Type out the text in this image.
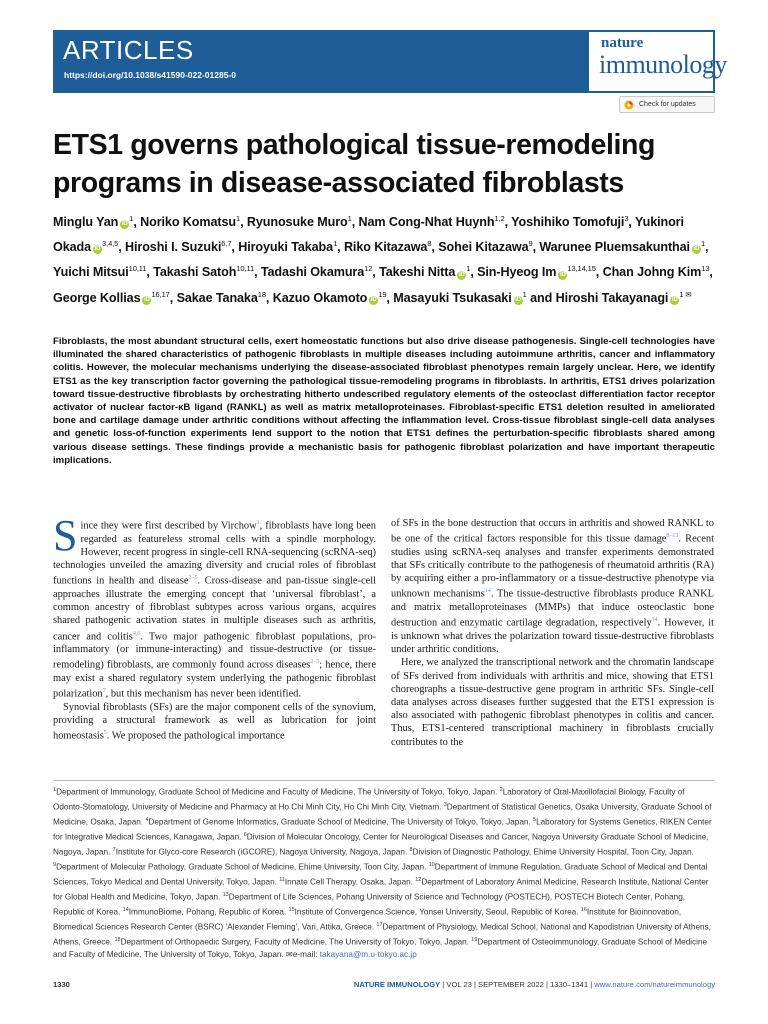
ARTICLES
https://doi.org/10.1038/s41590-022-01285-0
nature
immunology
Check for updates
ETS1 governs pathological tissue-remodeling programs in disease-associated fibroblasts

Minglu Yan $iD^1$, Noriko Komatsu$^1$, Ryunosuke Muro$^1$, Nam Cong-Nhat Huynh$^{1,2}$, Yoshihiko Tomofuji$^3$, Yukinori Okada iD$^{3,4,5}$, Hiroshi I. Suzuki$^{6,7}$, Hiroyuki Takaba$^1$, Riko Kitazawa$^8$, Sohei Kitazawa$^9$, Warunee Pluemsakunthai $iD^1$, Yuichi Mitsui$^{10,11}$, Takashi Satoh$^{10,11}$, Tadashi Okamura$^{12}$, Takeshi Nitta $iD^1$, Sin-Hyeog Im iD$^{13,14,15}$, Chan Johng Kim$^{13}$, George Kollias iD$^{16,17}$, Sakae Tanaka$^{18}$, Kazuo Okamoto $iD^{19}$, Masayuki Tsukasaki $iD^1$ and Hiroshi Takayanagi $iD^{1 ✉}$

Fibroblasts, the most abundant structural cells, exert homeostatic functions but also drive disease pathogenesis. Single-cell technologies have illuminated the shared characteristics of pathogenic fibroblasts in multiple diseases including autoimmune arthritis, cancer and inflammatory colitis. However, the molecular mechanisms underlying the disease-associated fibroblast phenotypes remain largely unclear. Here, we identify ETS1 as the key transcription factor governing the pathological tissue-remodeling programs in fibroblasts. In arthritis, ETS1 drives polarization toward tissue-destructive fibroblasts by orchestrating hitherto undescribed regulatory elements of the osteoclast differentiation factor receptor activator of nuclear factor-κB ligand (RANKL) as well as matrix metalloproteinases. Fibroblast-specific ETS1 deletion resulted in ameliorated bone and cartilage damage under arthritic conditions without affecting the inflammation level. Cross-tissue fibroblast single-cell data analyses and genetic loss-of-function experiments lend support to the notion that ETS1 defines the perturbation-specific fibroblasts shared among various disease settings. These findings provide a mechanistic basis for pathogenic fibroblast polarization and have important therapeutic implications.

Since they were first described by Virchow$^1$, fibroblasts have long been regarded as featureless stromal cells with a spindle morphology. However, recent progress in single-cell RNA-sequencing (scRNA-seq) technologies unveiled the amazing diversity and crucial roles of fibroblast functions in health and disease$^{2-5}$. Cross-disease and pan-tissue single-cell approaches illustrate the emerging concept that ‘universal fibroblast’, a common ancestry of fibroblast subtypes across various organs, acquires shared pathogenic activation states in multiple diseases such as arthritis, cancer and colitis$^{4,6}$. Two major pathogenic fibroblast populations, pro-inflammatory (or immune-interacting) and tissue-destructive (or tissue-remodeling) fibroblasts, are commonly found across diseases$^{2-5}$; hence, there may exist a shared regulatory system underlying the pathogenic fibroblast polarization$^7$, but this mechanism has never been identified.

Synovial fibroblasts (SFs) are the major component cells of the synovium, providing a structural framework as well as lubrication for joint homeostasis$^5$. We proposed the pathological importance

of SFs in the bone destruction that occurs in arthritis and showed RANKL to be one of the critical factors responsible for this tissue damage$^{8-13}$. Recent studies using scRNA-seq analyses and transfer experiments demonstrated that SFs critically contribute to the pathogenesis of rheumatoid arthritis (RA) by acquiring either a pro-inflammatory or a tissue-destructive phenotype via unknown mechanisms$^{14}$. The tissue-destructive fibroblasts produce RANKL and matrix metalloproteinases (MMPs) that induce osteoclastic bone destruction and enzymatic cartilage degradation, respectively$^{14}$. However, it is unknown what drives the polarization toward tissue-destructive fibroblasts under arthritic conditions.

Here, we analyzed the transcriptional network and the chromatin landscape of SFs derived from individuals with arthritis and mice, showing that ETS1 choreographs a tissue-destructive gene program in arthritic SFs. Single-cell data analyses across diseases further suggested that the ETS1 expression is also associated with pathogenic fibroblast phenotypes in colitis and cancer. Thus, ETS1-centered transcriptional machinery in fibroblasts crucially contributes to the

$^1$Department of Immunology, Graduate School of Medicine and Faculty of Medicine, The University of Tokyo, Tokyo, Japan. $^2$Laboratory of Oral-Maxillofacial Biology, Faculty of Odonto-Stomatology, University of Medicine and Pharmacy at Ho Chi Minh City, Ho Chi Minh City, Vietnam. $^3$Department of Statistical Genetics, Osaka University, Graduate School of Medicine, Osaka, Japan. $^4$Department of Genome Informatics, Graduate School of Medicine, The University of Tokyo, Tokyo, Japan. $^5$Laboratory for Systems Genetics, RIKEN Center for Integrative Medical Sciences, Kanagawa, Japan. $^6$Division of Molecular Oncology, Center for Neurological Diseases and Cancer, Nagoya University Graduate School of Medicine, Nagoya, Japan. $^7$Institute for Glyco-core Research (iGCORE), Nagoya University, Nagoya, Japan. $^8$Division of Diagnostic Pathology, Ehime University Hospital, Toon City, Japan. $^9$Department of Molecular Pathology, Graduate School of Medicine, Ehime University, Toon City, Japan. $^{10}$Department of Immune Regulation, Graduate School of Medical and Dental Sciences, Tokyo Medical and Dental University, Tokyo, Japan. $^{11}$Innate Cell Therapy, Osaka, Japan. $^{12}$Department of Laboratory Animal Medicine, Research Institute, National Center for Global Health and Medicine, Tokyo, Japan. $^{13}$Department of Life Sciences, Pohang University of Science and Technology (POSTECH), POSTECH Biotech Center, Pohang, Republic of Korea. $^{14}$ImmunoBiome, Pohang, Republic of Korea. $^{15}$Institute of Convergence Science, Yonsei University, Seoul, Republic of Korea. $^{16}$Institute for Bioinnovation, Biomedical Sciences Research Center (BSRC) ‘Alexander Fleming’, Vari, Attika, Greece. $^{17}$Department of Physiology, Medical School, National and Kapodistrian University of Athens, Athens, Greece. $^{18}$Department of Orthopaedic Surgery, Faculty of Medicine, The University of Tokyo, Tokyo, Japan. $^{19}$Department of Osteoimmunology, Graduate School of Medicine and Faculty of Medicine, The University of Tokyo, Tokyo, Japan. ✉e-mail: takayana@m.u-tokyo.ac.jp

1330	NATURE IMMUNOLOGY | VOL 23 | SEPTEMBER 2022 | 1330–1341 | www.nature.com/natureimmunology
